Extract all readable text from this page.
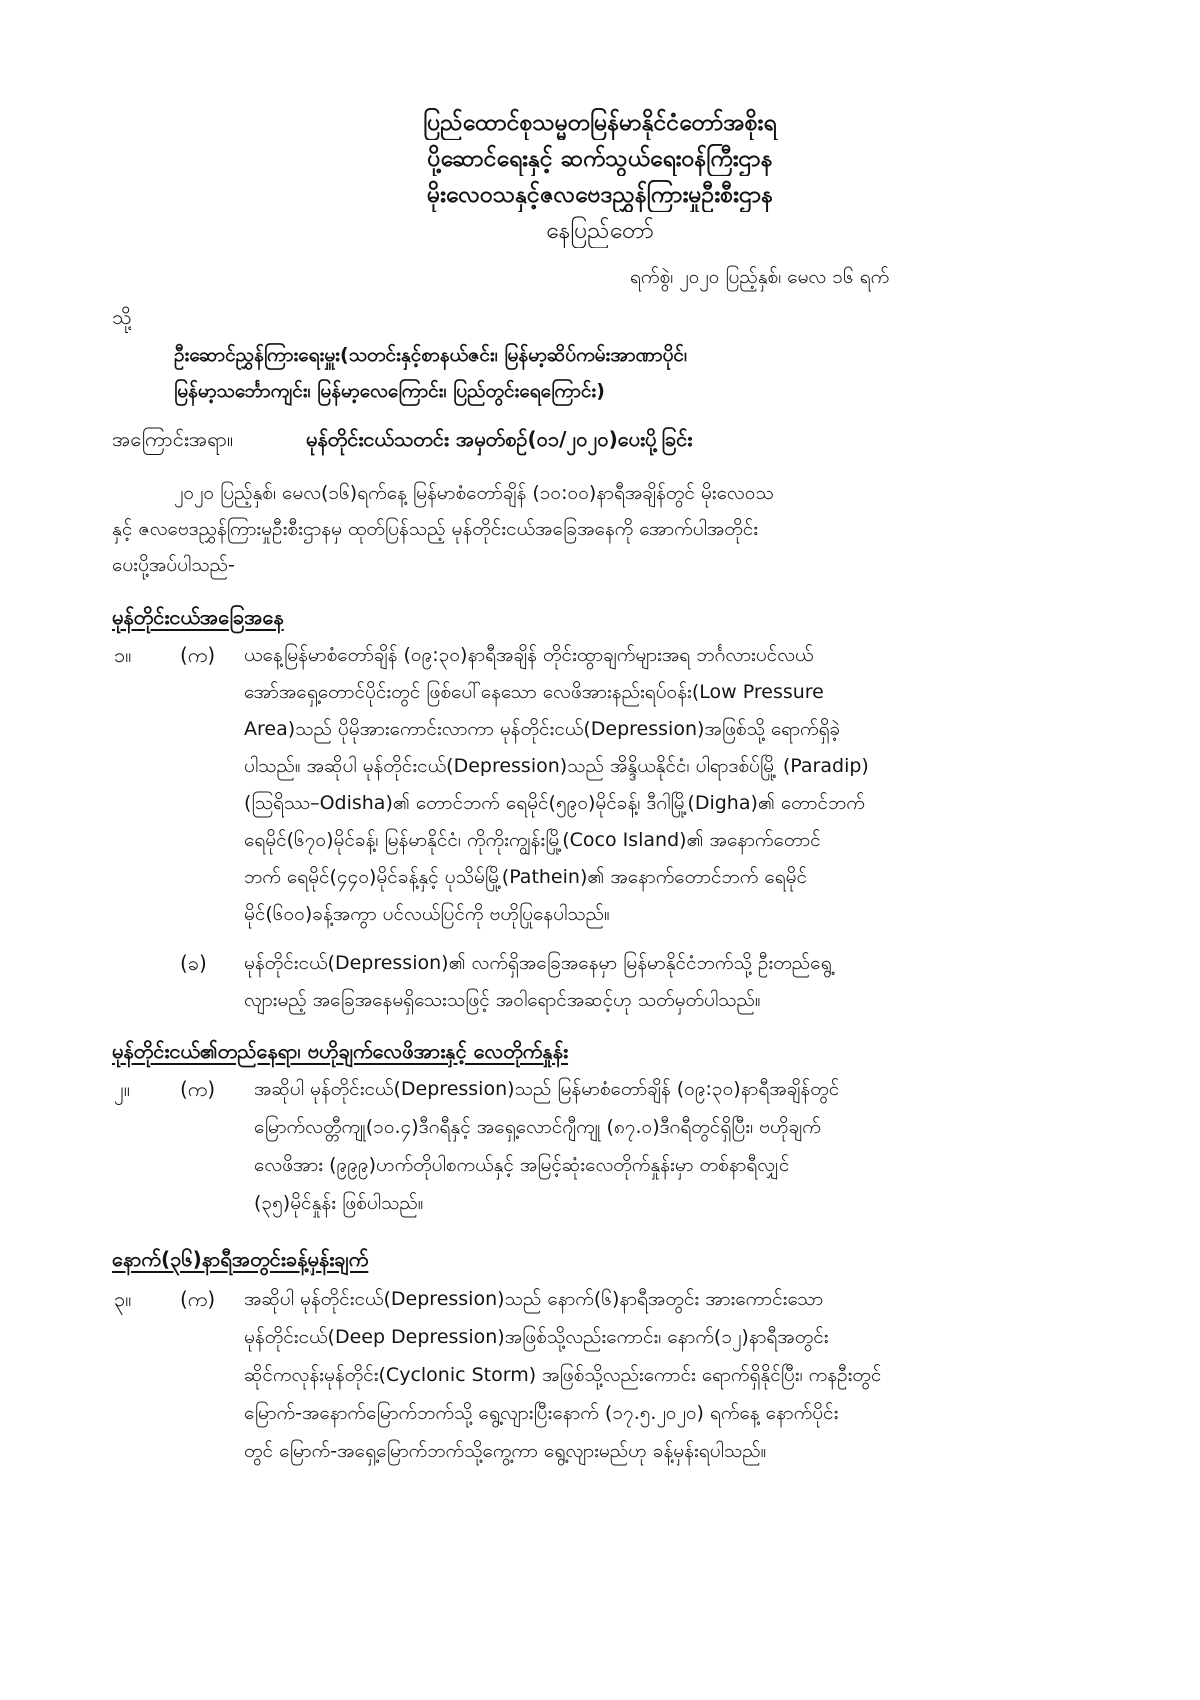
ပြည်ထောင်စုသမ္မတမြန်မာနိုင်ငံတော်အစိုးရ
ပို့ဆောင်ရေးနှင့် ဆက်သွယ်ရေးဝန်ကြီးဌာန
မိုးလေဝသနှင့်ဇလဗေဒညွှန်ကြားမှုဦးစီးဌာန
နေပြည်တော်
ရက်စွဲ၊ ၂၀၂၀ ပြည့်နှစ်၊ မေလ ၁၆ ရက်
သို့
ဦးဆောင်ညွှန်ကြားရေးမှူး(သတင်းနှင့်စာနယ်ဇင်း၊ မြန်မာ့ဆိပ်ကမ်းအာဏာပိုင်၊
မြန်မာ့သင်္ဘောကျင်း၊ မြန်မာ့လေကြောင်း၊ ပြည်တွင်းရေကြောင်း)
အကြောင်းအရာ။	မုန်တိုင်းငယ်သတင်း အမှတ်စဉ်(၀၁/၂၀၂၀)ပေးပို့ခြင်း
၂၀၂၀ ပြည့်နှစ်၊ မေလ(၁၆)ရက်နေ့ မြန်မာစံတော်ချိန် (၁၀:၀၀)နာရီအချိန်တွင် မိုးလေဝသ
နှင့် ဇလဗေဒညွှန်ကြားမှုဦးစီးဌာနမှ ထုတ်ပြန်သည့် မုန်တိုင်းငယ်အခြေအနေကို အောက်ပါအတိုင်း
ပေးပို့အပ်ပါသည်-
မုန်တိုင်းငယ်အခြေအနေ
၁။ (က) ယနေ့မြန်မာစံတော်ချိန် (၀၉:၃၀)နာရီအချိန် တိုင်းထွာချက်များအရ ဘင်္ဂလားပင်လယ်
အော်အရှေ့တောင်ပိုင်းတွင် ဖြစ်ပေါ်နေသော လေဖိအားနည်းရပ်ဝန်း(Low Pressure
Area)သည် ပိုမိုအားကောင်းလာကာ မုန်တိုင်းငယ်(Depression)အဖြစ်သို့ ရောက်ရှိခဲ့
ပါသည်။ အဆိုပါ မုန်တိုင်းငယ်(Depression)သည် အိန္ဒိယနိုင်ငံ၊ ပါရာဒစ်ပ်မြို့ (Paradip)
(ဩရိဿ–Odisha)၏ တောင်ဘက် ရေမိုင်(၅၉၀)မိုင်ခန့်၊ ဒီဂါမြို့(Digha)၏ တောင်ဘက်
ရေမိုင်(၆၇၀)မိုင်ခန့်၊ မြန်မာနိုင်ငံ၊ ကိုကိုးကျွန်းမြို့(Coco Island)၏ အနောက်တောင်
ဘက် ရေမိုင်(၄၄၀)မိုင်ခန့်နှင့် ပုသိမ်မြို့(Pathein)၏ အနောက်တောင်ဘက် ရေမိုင်
မိုင်(၆၀၀)ခန့်အကွာ ပင်လယ်ပြင်ကို ဗဟိုပြုနေပါသည်။
(ခ) မုန်တိုင်းငယ်(Depression)၏ လက်ရှိအခြေအနေမှာ မြန်မာနိုင်ငံဘက်သို့ ဦးတည်ရွေ့
လျားမည့် အခြေအနေမရှိသေးသဖြင့် အဝါရောင်အဆင့်ဟု သတ်မှတ်ပါသည်။
မုန်တိုင်းငယ်၏တည်နေရာ၊ ဗဟိုချက်လေဖိအားနှင့် လေတိုက်နှုန်း
၂။	(က) အဆိုပါ မုန်တိုင်းငယ်(Depression)သည် မြန်မာစံတော်ချိန် (၀၉:၃၀)နာရီအချိန်တွင်
မြောက်လတ္တီကျု(၁၀.၄)ဒီဂရီနှင့် အရှေ့လောင်ဂျီကျု (၈၇.၀)ဒီဂရီတွင်ရှိပြီး၊ ဗဟိုချက်
လေဖိအား (၉၉၉)ဟက်တိုပါစကယ်နှင့် အမြင့်ဆုံးလေတိုက်နှုန်းမှာ တစ်နာရီလျှင်
(၃၅)မိုင်နှုန်း ဖြစ်ပါသည်။
နောက်(၃၆)နာရီအတွင်းခန့်မှန်းချက်
၃။ (က) အဆိုပါ မုန်တိုင်းငယ်(Depression)သည် နောက်(၆)နာရီအတွင်း အားကောင်းသော
မုန်တိုင်းငယ်(Deep Depression)အဖြစ်သို့လည်းကောင်း၊ နောက်(၁၂)နာရီအတွင်း
ဆိုင်ကလုန်းမုန်တိုင်း(Cyclonic Storm) အဖြစ်သို့လည်းကောင်း ရောက်ရှိနိုင်ပြီး၊ ကနဦးတွင်
မြောက်-အနောက်မြောက်ဘက်သို့ ရွေ့လျားပြီးနောက် (၁၇.၅.၂၀၂၀) ရက်နေ့ နောက်ပိုင်း
တွင် မြောက်-အရှေ့မြောက်ဘက်သို့ကွေ့ကာ ရွေ့လျားမည်ဟု ခန့်မှန်းရပါသည်။
